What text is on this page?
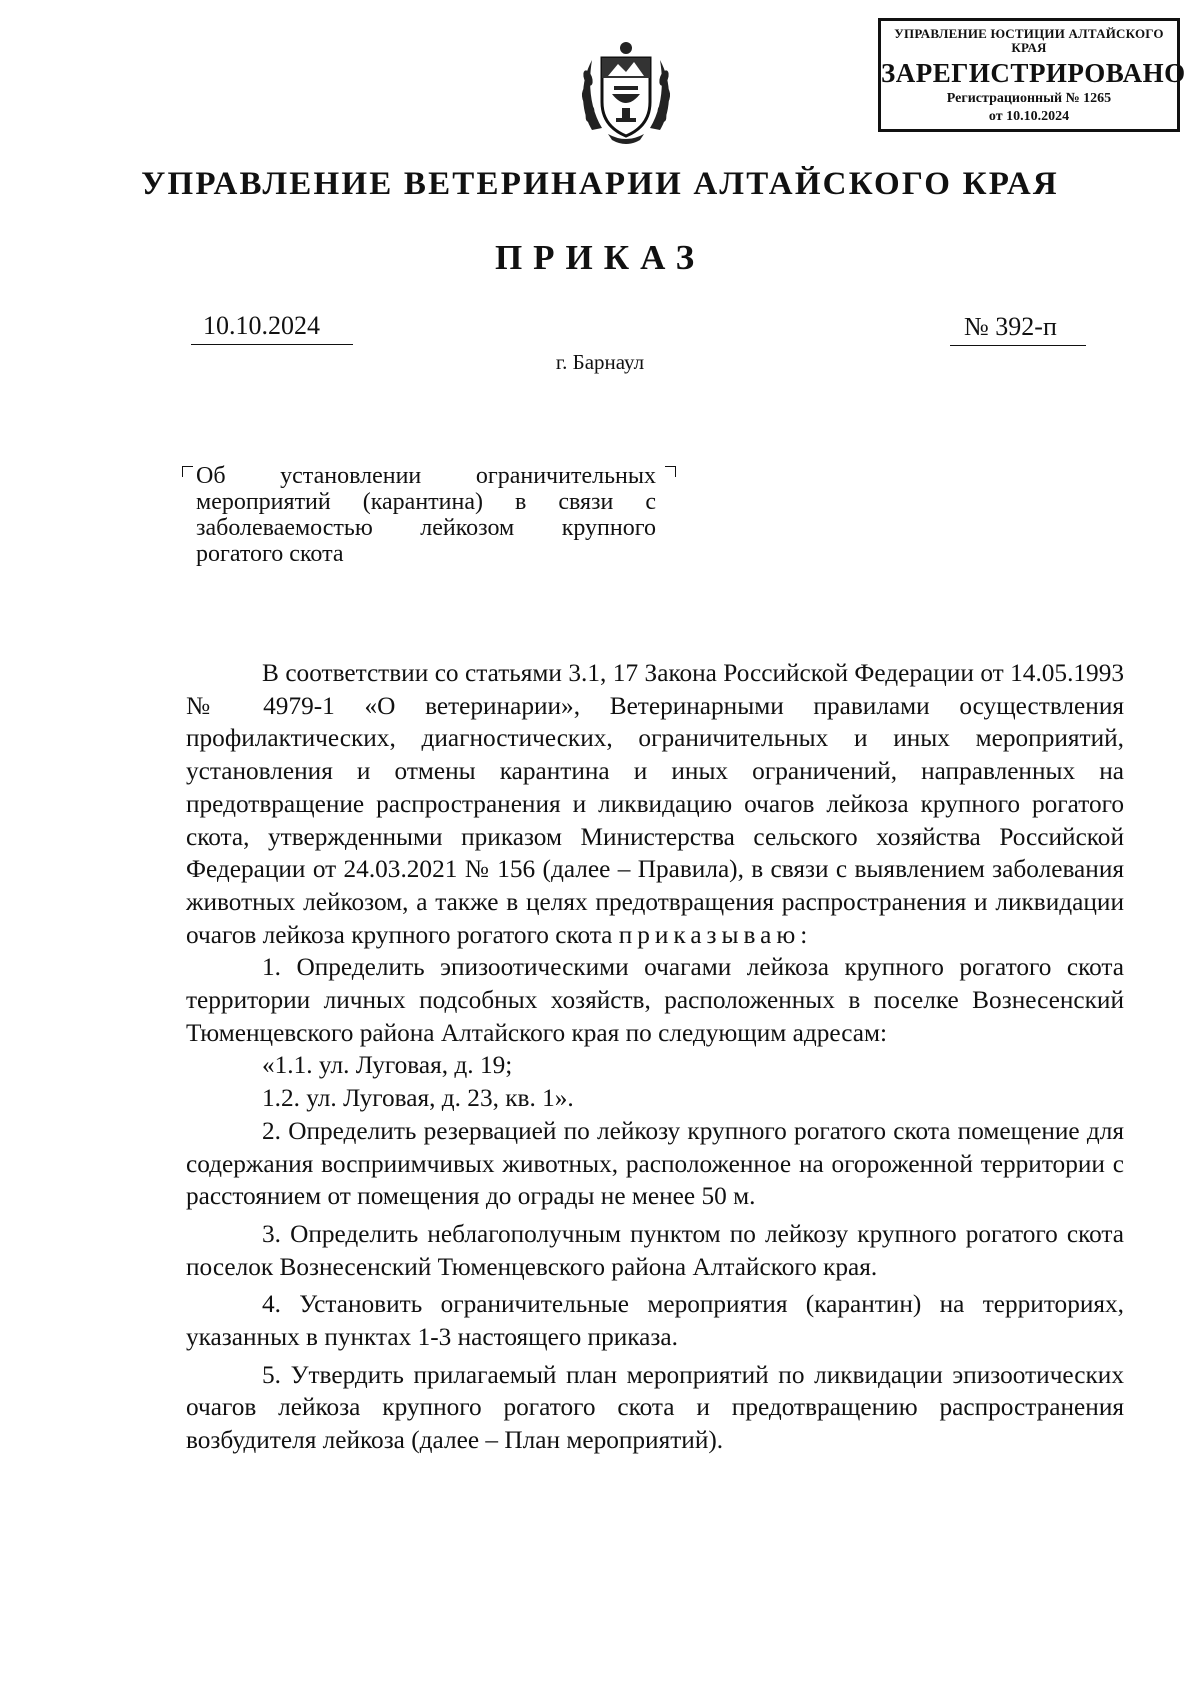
УПРАВЛЕНИЕ ЮСТИЦИИ АЛТАЙСКОГО КРАЯ
ЗАРЕГИСТРИРОВАНО
Регистрационный № 1265
от 10.10.2024
УПРАВЛЕНИЕ ВЕТЕРИНАРИИ АЛТАЙСКОГО КРАЯ
ПРИКАЗ
10.10.2024	№ 392-п
г. Барнаул
Об установлении ограничительных мероприятий (карантина) в связи с заболеваемостью лейкозом крупного рогатого скота

В соответствии со статьями 3.1, 17 Закона Российской Федерации от 14.05.1993 № 4979-1 «О ветеринарии», Ветеринарными правилами осуществления профилактических, диагностических, ограничительных и иных мероприятий, установления и отмены карантина и иных ограничений, направленных на предотвращение распространения и ликвидацию очагов лейкоза крупного рогатого скота, утвержденными приказом Министерства сельского хозяйства Российской Федерации от 24.03.2021 № 156 (далее – Правила), в связи с выявлением заболевания животных лейкозом, а также в целях предотвращения распространения и ликвидации очагов лейкоза крупного рогатого скота приказываю:

1. Определить эпизоотическими очагами лейкоза крупного рогатого скота территории личных подсобных хозяйств, расположенных в поселке Вознесенский Тюменцевского района Алтайского края по следующим адресам:

«1.1. ул. Луговая, д. 19;

1.2. ул. Луговая, д. 23, кв. 1».

2. Определить резервацией по лейкозу крупного рогатого скота помещение для содержания восприимчивых животных, расположенное на огороженной территории с расстоянием от помещения до ограды не менее 50 м.

3. Определить неблагополучным пунктом по лейкозу крупного рогатого скота поселок Вознесенский Тюменцевского района Алтайского края.

4. Установить ограничительные мероприятия (карантин) на территориях, указанных в пунктах 1-3 настоящего приказа.

5. Утвердить прилагаемый план мероприятий по ликвидации эпизоотических очагов лейкоза крупного рогатого скота и предотвращению распространения возбудителя лейкоза (далее – План мероприятий).
